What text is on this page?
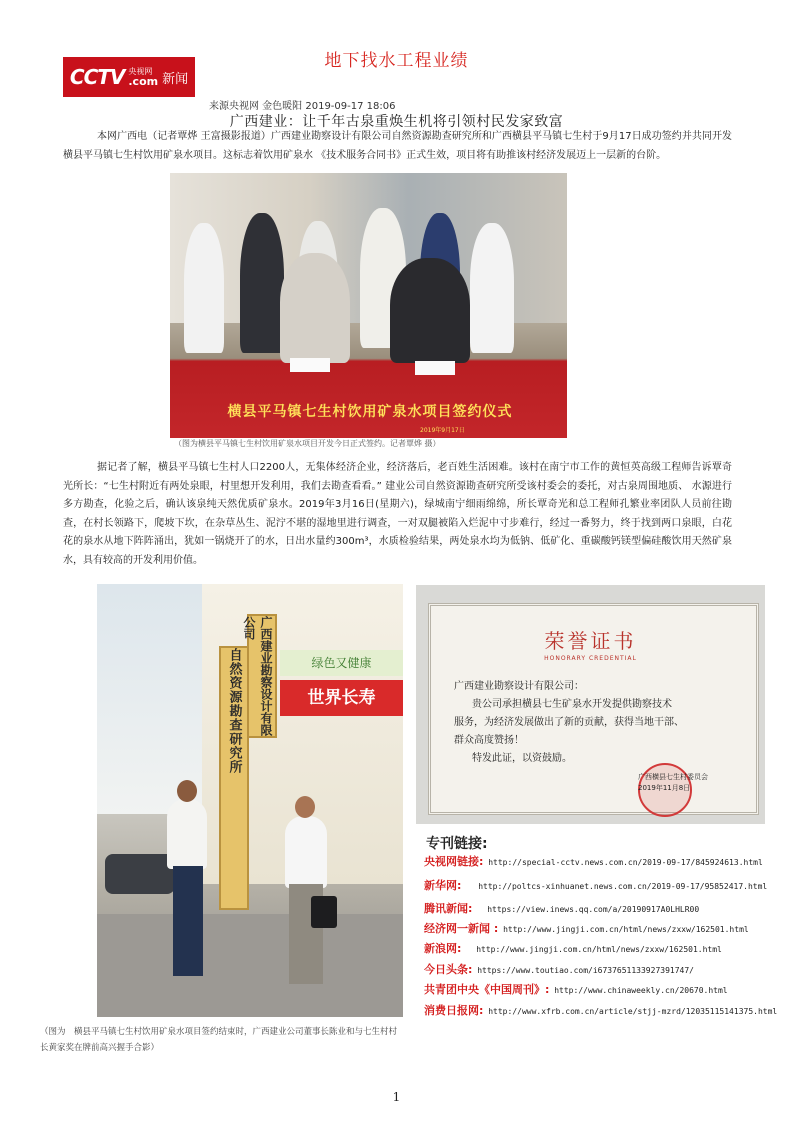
地下找水工程业绩
CCTV 央视网
.com 新闻
来源央视网 金色暖阳 2019-09-17 18:06
广西建业：让千年古泉重焕生机将引领村民发家致富
本网广西电（记者覃烨 王富摄影报道）广西建业勘察设计有限公司自然资源勘查研究所和广西横县平马镇七生村于9月17日成功签约并共同开发横县平马镇七生村饮用矿泉水项目。这标志着饮用矿泉水 《技术服务合同书》正式生效，项目将有助推该村经济发展迈上一层新的台阶。
横县平马镇七生村饮用矿泉水项目签约仪式
2019年9月17日
（图为横县平马镇七生村饮用矿泉水项目开发今日正式签约。记者覃烨 摄）
据记者了解，横县平马镇七生村人口2200人，无集体经济企业，经济落后，老百姓生活困难。该村在南宁市工作的黄恒英高级工程师告诉覃奇光所长：“七生村附近有两处泉眼，村里想开发利用，我们去勘查看看。” 建业公司自然资源勘查研究所受该村委会的委托，对古泉周围地质、 水源进行多方勘查，化验之后，确认该泉纯天然优质矿泉水。2019年3月16日(星期六)，绿城南宁细雨绵绵，所长覃奇光和总工程师孔繁业率团队人员前往勘查，在村长领路下，爬坡下坎，在杂草丛生、泥泞不堪的湿地里进行调查，一对双腿被陷入烂泥中寸步难行，经过一番努力，终于找到两口泉眼，白花花的泉水从地下阵阵涌出，犹如一锅烧开了的水，日出水量约300m³，水质检验结果，两处泉水均为低钠、低矿化、重碳酸钙镁型偏硅酸饮用天然矿泉水，具有较高的开发利用价值。
绿色又健康
世界长寿
广西建业勘察设计有限公司
自然资源勘查研究所
（图为　横县平马镇七生村饮用矿泉水项目签约结束时，广西建业公司董事长陈业和与七生村村长黄家奖在牌前高兴握手合影）
荣誉证书
HONORARY CREDENTIAL
广西建业勘察设计有限公司：
贵公司承担横县七生矿泉水开发提供勘察技术
服务，为经济发展做出了新的贡献，获得当地干部、
群众高度赞扬！
特发此证，以资鼓励。
广西横县七生村委员会
2019年11月8日
专刊链接:
央视网链接: http://special-cctv.news.com.cn/2019-09-17/845924613.html
新华网: http://poltcs-xinhuanet.news.com.cn/2019-09-17/95852417.html
腾讯新闻: https://view.inews.qq.com/a/20190917A0LHLR00
经济网一新闻 : http://www.jingji.com.cn/html/news/zxxw/162501.html
新浪网: http://www.jingji.com.cn/html/news/zxxw/162501.html
今日头条: https://www.toutiao.com/i6737651133927391747/
共青团中央《中国周刊》: http://www.chinaweekly.cn/20670.html
消费日报网: http://www.xfrb.com.cn/article/stjj-mzrd/12035115141375.html
1
